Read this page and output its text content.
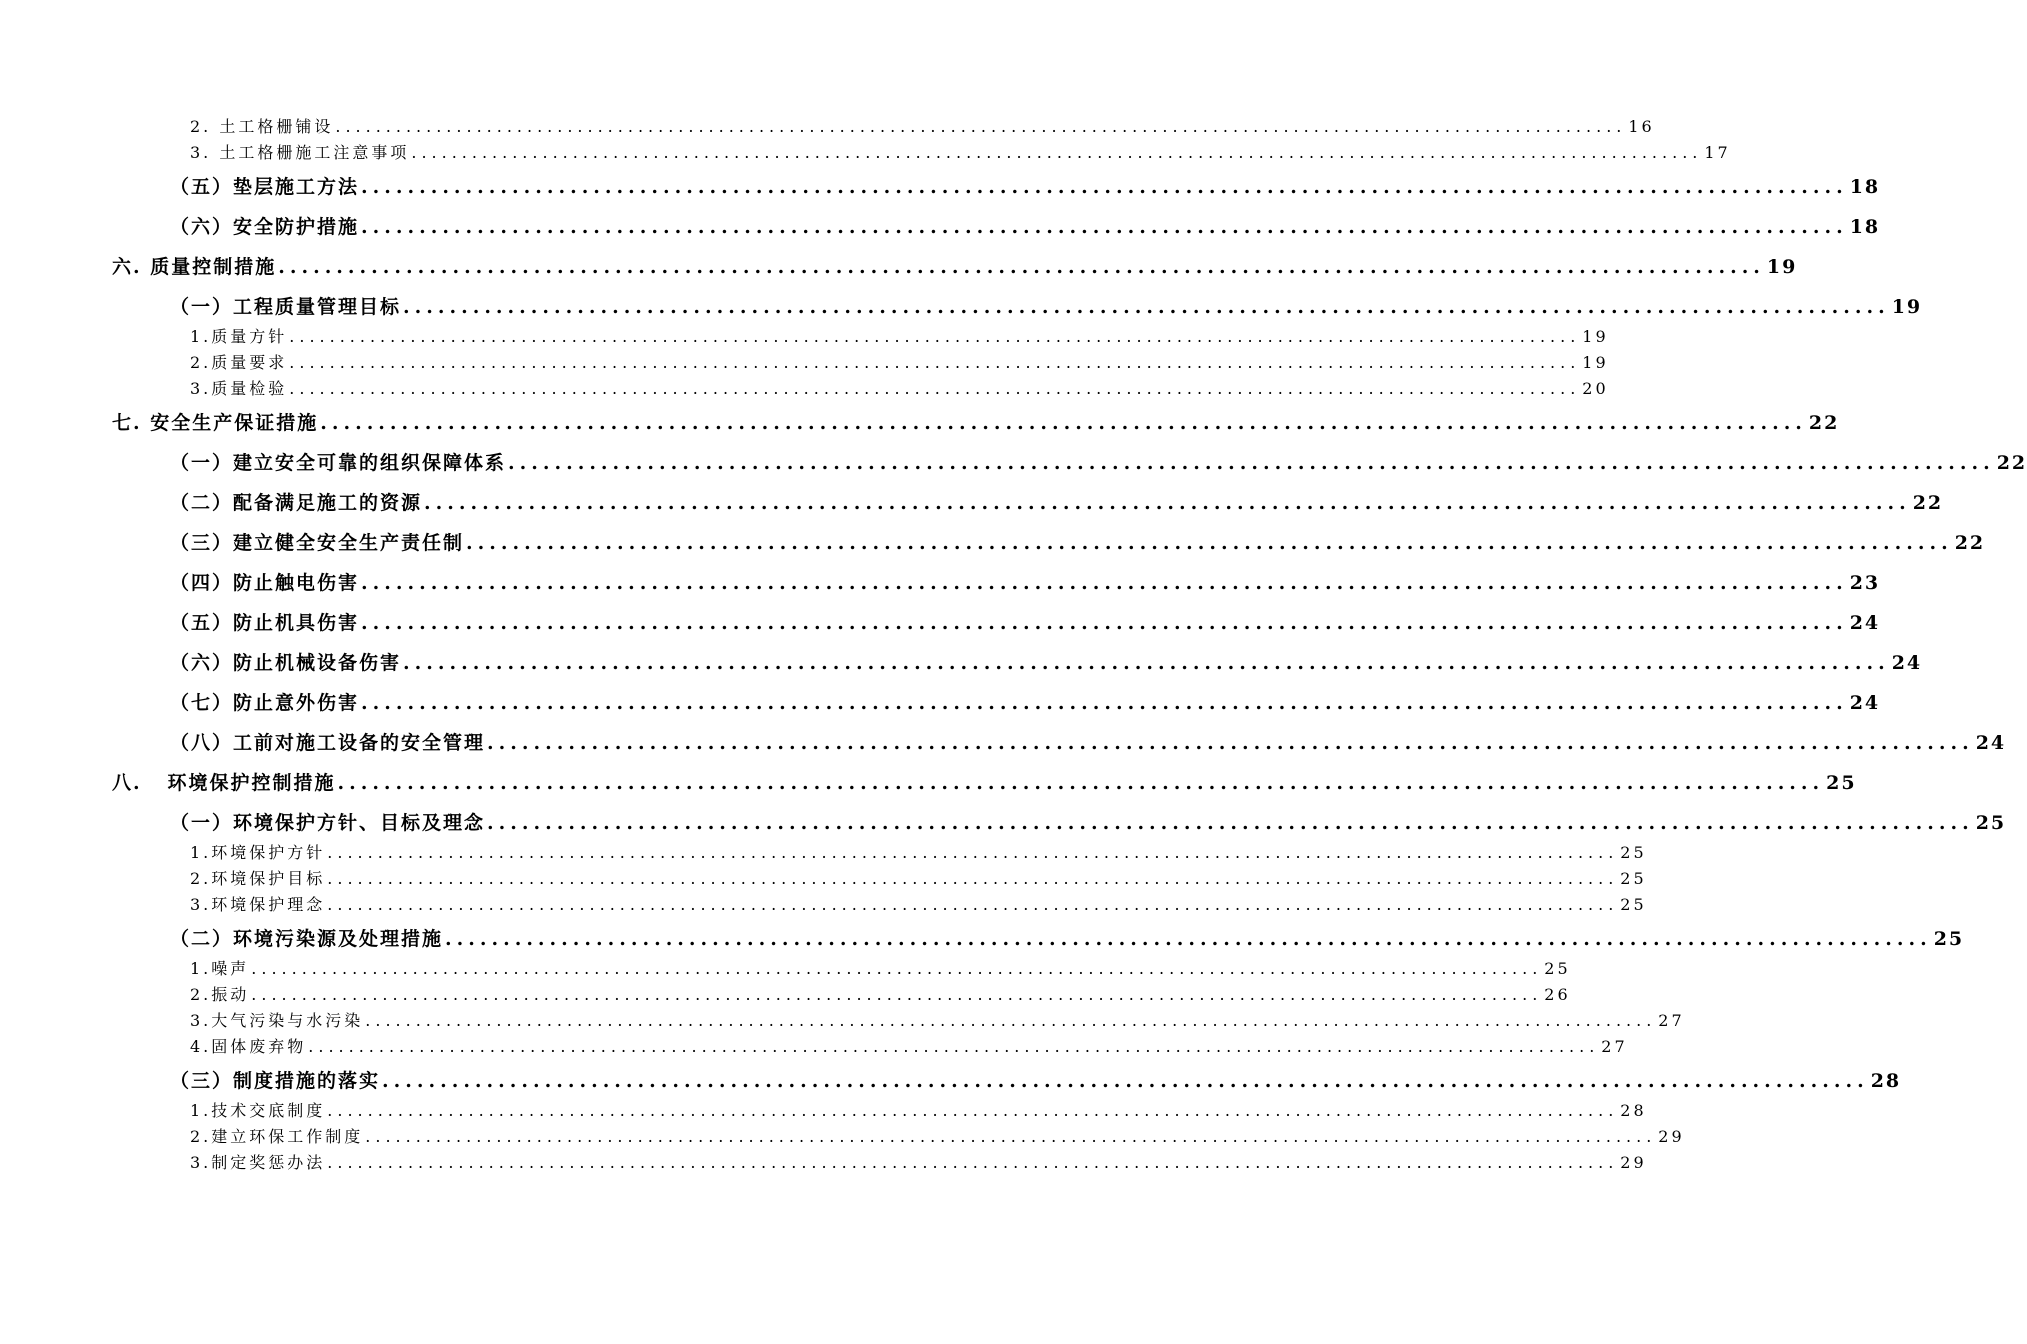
2. 土工格栅铺设 ................................................................................................................................ 16
3. 土工格栅施工注意事项 ................................................................................................................................ 17
（五）垫层施工方法 ................................................................................................................................ 18
（六）安全防护措施 ................................................................................................................................ 18
六. 质量控制措施 ................................................................................................................................ 19
（一）工程质量管理目标 ................................................................................................................................ 19
1.质量方针 ................................................................................................................................ 19
2.质量要求 ................................................................................................................................ 19
3.质量检验 ................................................................................................................................ 20
七. 安全生产保证措施 ................................................................................................................................ 22
（一）建立安全可靠的组织保障体系 ................................................................................................................................ 22
（二）配备满足施工的资源 ................................................................................................................................ 22
（三）建立健全安全生产责任制 ................................................................................................................................ 22
（四）防止触电伤害 ................................................................................................................................ 23
（五）防止机具伤害 ................................................................................................................................ 24
（六）防止机械设备伤害 ................................................................................................................................ 24
（七）防止意外伤害 ................................................................................................................................ 24
（八）工前对施工设备的安全管理 ................................................................................................................................ 24
八.   环境保护控制措施 ................................................................................................................................ 25
（一）环境保护方针、目标及理念 ................................................................................................................................ 25
1.环境保护方针 ................................................................................................................................ 25
2.环境保护目标 ................................................................................................................................ 25
3.环境保护理念 ................................................................................................................................ 25
（二）环境污染源及处理措施 ................................................................................................................................ 25
1.噪声 ................................................................................................................................ 25
2.振动 ................................................................................................................................ 26
3.大气污染与水污染 ................................................................................................................................ 27
4.固体废弃物 ................................................................................................................................ 27
（三）制度措施的落实 ................................................................................................................................ 28
1.技术交底制度 ................................................................................................................................ 28
2.建立环保工作制度 ................................................................................................................................ 29
3.制定奖惩办法 ................................................................................................................................ 29
